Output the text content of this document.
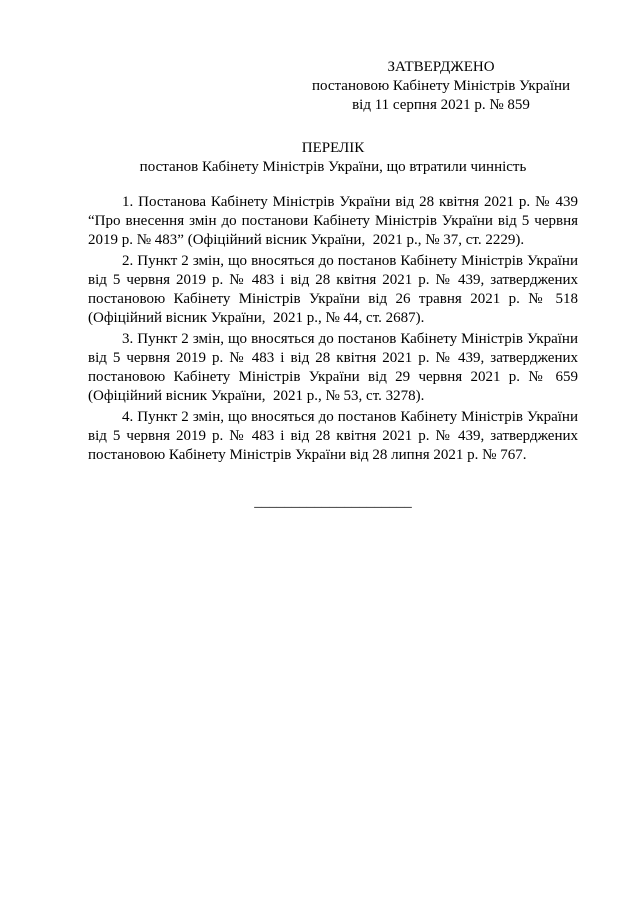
ЗАТВЕРДЖЕНО
постановою Кабінету Міністрів України
від 11 серпня 2021 р. № 859
ПЕРЕЛІК
постанов Кабінету Міністрів України, що втратили чинність

1. Постанова Кабінету Міністрів України від 28 квітня 2021 р. № 439 “Про внесення змін до постанови Кабінету Міністрів України від 5 червня 2019 р. № 483” (Офіційний вісник України,  2021 р., № 37, ст. 2229).

2. Пункт 2 змін, що вносяться до постанов Кабінету Міністрів України від 5 червня 2019 р. № 483 і від 28 квітня 2021 р. № 439, затверджених постановою Кабінету Міністрів України від 26 травня 2021 р. № 518 (Офіційний вісник України,  2021 р., № 44, ст. 2687).

3. Пункт 2 змін, що вносяться до постанов Кабінету Міністрів України від 5 червня 2019 р. № 483 і від 28 квітня 2021 р. № 439, затверджених постановою Кабінету Міністрів України від 29 червня 2021 р. № 659 (Офіційний вісник України,  2021 р., № 53, ст. 3278).

4. Пункт 2 змін, що вносяться до постанов Кабінету Міністрів України від 5 червня 2019 р. № 483 і від 28 квітня 2021 р. № 439, затверджених постановою Кабінету Міністрів України від 28 липня 2021 р. № 767.

_____________________
